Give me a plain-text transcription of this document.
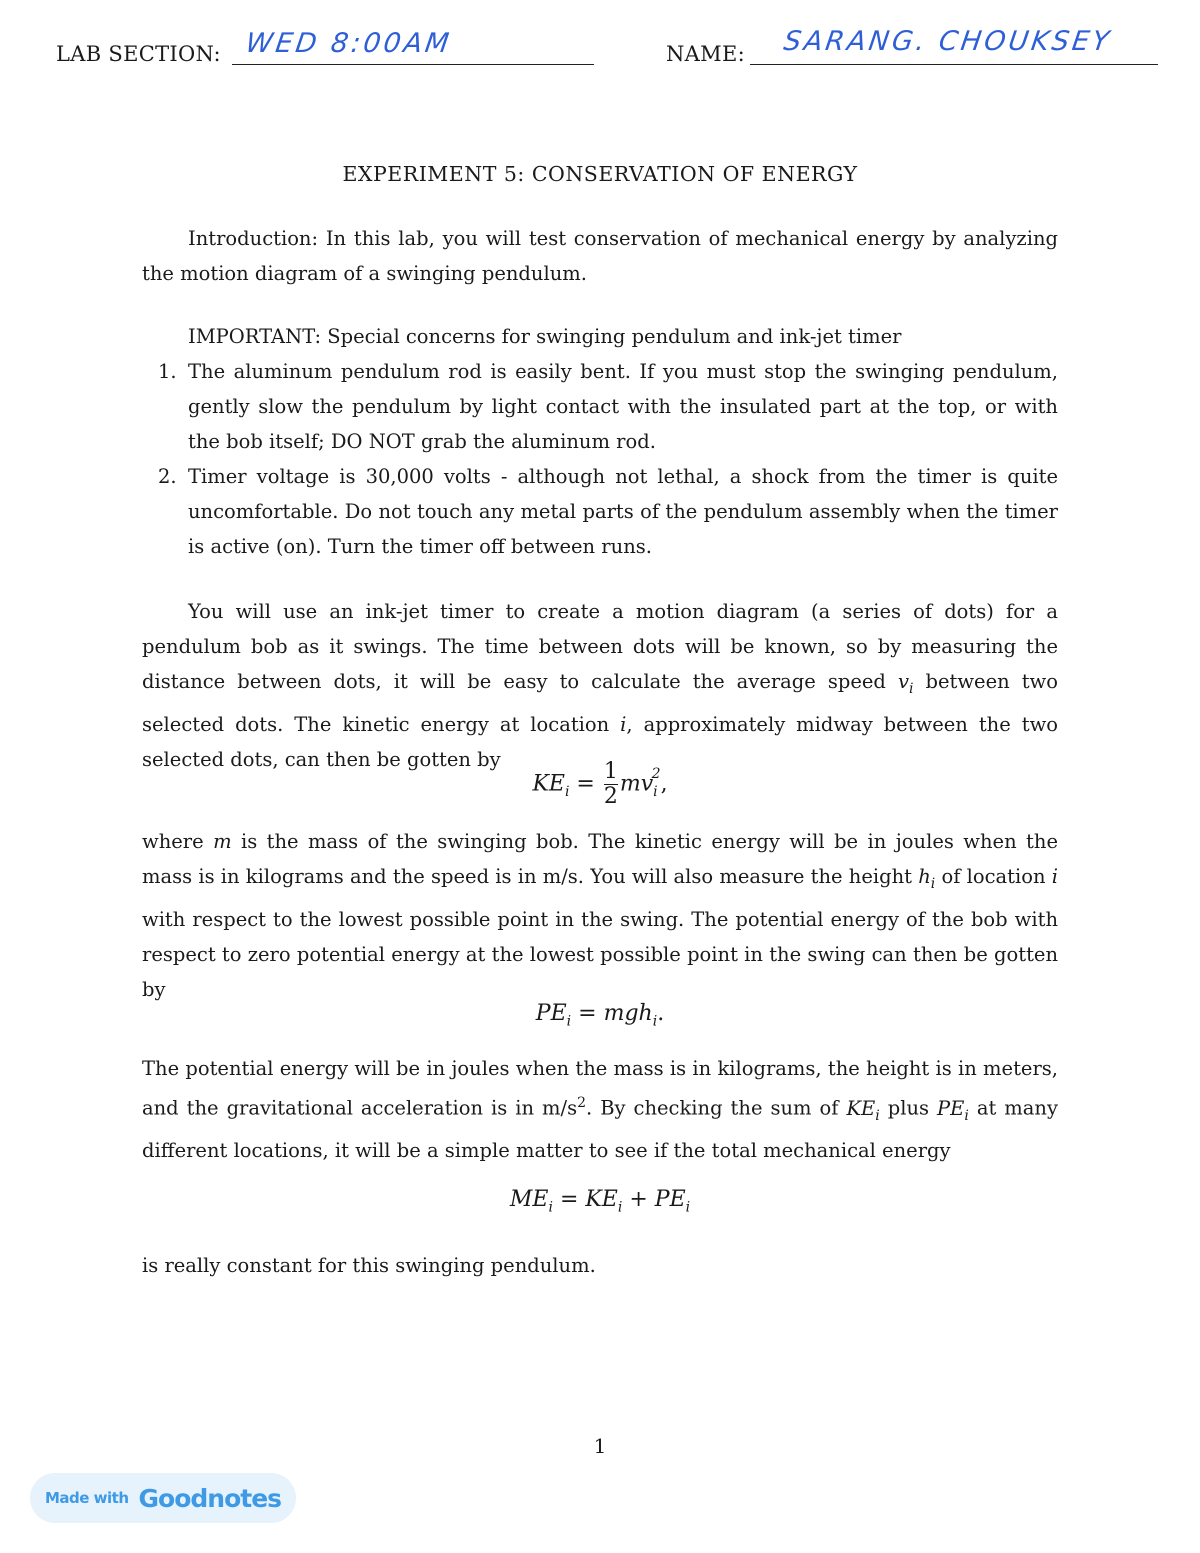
LAB SECTION: WED 8:00AM	NAME: SARANG. CHOUKSEY
EXPERIMENT 5: CONSERVATION OF ENERGY
Introduction: In this lab, you will test conservation of mechanical energy by analyzing the motion diagram of a swinging pendulum.
IMPORTANT: Special concerns for swinging pendulum and ink-jet timer
1. The aluminum pendulum rod is easily bent. If you must stop the swinging pendulum, gently slow the pendulum by light contact with the insulated part at the top, or with the bob itself; DO NOT grab the aluminum rod.
2. Timer voltage is 30,000 volts - although not lethal, a shock from the timer is quite uncomfortable. Do not touch any metal parts of the pendulum assembly when the timer is active (on). Turn the timer off between runs.
You will use an ink-jet timer to create a motion diagram (a series of dots) for a pendulum bob as it swings. The time between dots will be known, so by measuring the distance between dots, it will be easy to calculate the average speed $v_i$ between two selected dots. The kinetic energy at location i, approximately midway between the two selected dots, can then be gotten by
$KE_i = \frac{1}{2} mv_i^2$,
where m is the mass of the swinging bob. The kinetic energy will be in joules when the mass is in kilograms and the speed is in m/s. You will also measure the height $h_i$ of location i with respect to the lowest possible point in the swing. The potential energy of the bob with respect to zero potential energy at the lowest possible point in the swing can then be gotten by
$PE_i = mgh_i$.
The potential energy will be in joules when the mass is in kilograms, the height is in meters, and the gravitational acceleration is in $m/s^2$. By checking the sum of $KE_i$ plus $PE_i$ at many different locations, it will be a simple matter to see if the total mechanical energy
$ME_i = KE_i + PE_i$
is really constant for this swinging pendulum.
1
Made with Goodnotes
